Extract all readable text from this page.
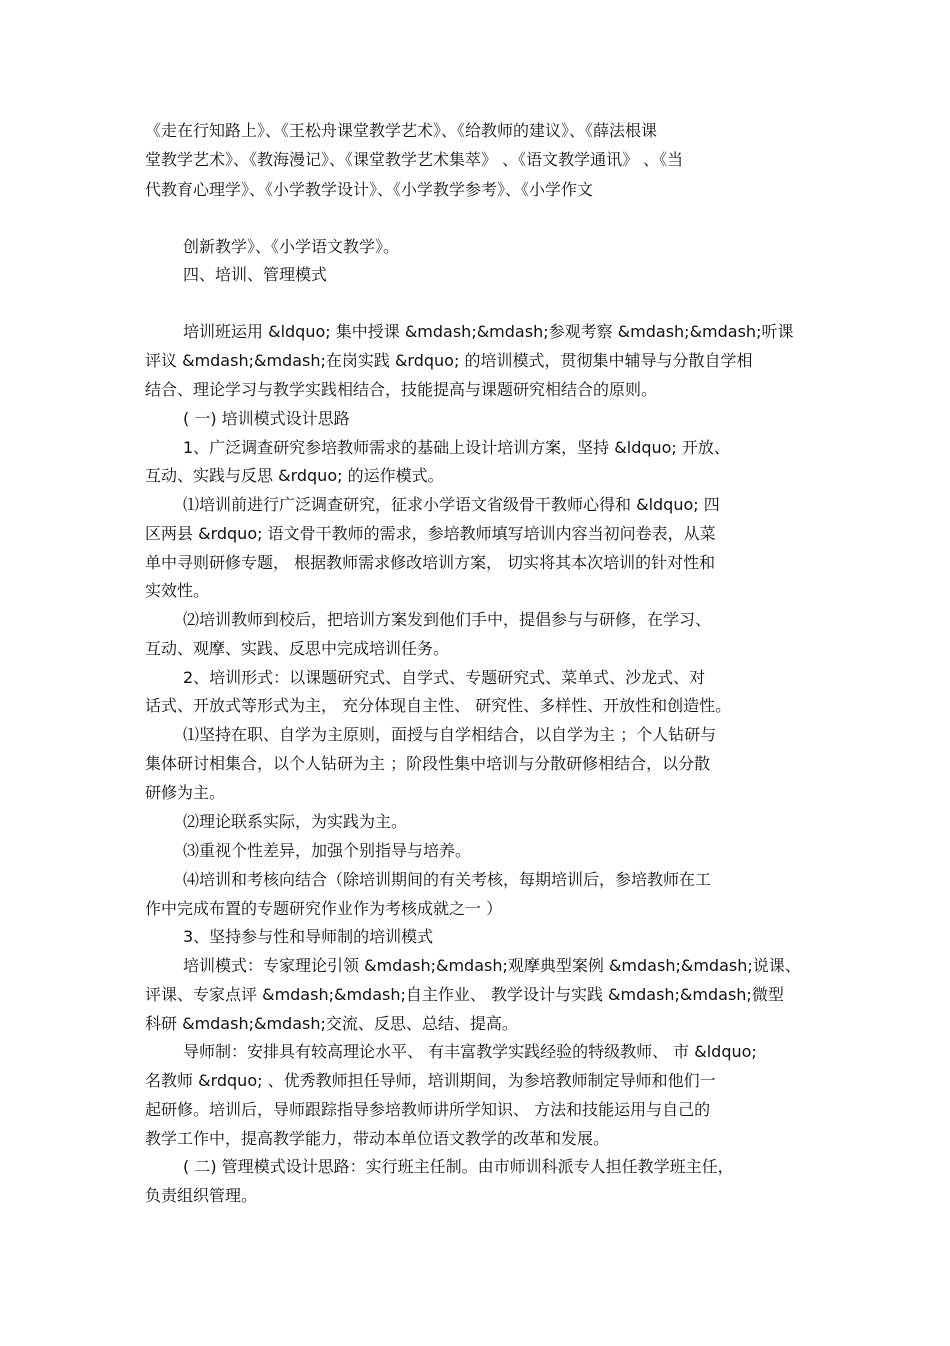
《走在行知路上》、《王松舟课堂教学艺术》、《给教师的建议》、《薛法根课
堂教学艺术》、《教海漫记》、《课堂教学艺术集萃》 、《语文教学通讯》 、《当
代教育心理学》、《小学教学设计》、《小学教学参考》、《小学作文
创新教学》、《小学语文教学》。
四、培训、管理模式
培训班运用 &ldquo; 集中授课 &mdash;&mdash;参观考察 &mdash;&mdash;听课
评议 &mdash;&mdash;在岗实践 &rdquo; 的培训模式，贯彻集中辅导与分散自学相
结合、理论学习与教学实践相结合，技能提高与课题研究相结合的原则。
( 一) 培训模式设计思路
1、广泛调查研究参培教师需求的基础上设计培训方案，坚持 &ldquo; 开放、
互动、实践与反思 &rdquo; 的运作模式。
⑴培训前进行广泛调查研究，征求小学语文省级骨干教师心得和 &ldquo; 四
区两县 &rdquo; 语文骨干教师的需求，参培教师填写培训内容当初问卷表，从菜
单中寻则研修专题， 根据教师需求修改培训方案， 切实将其本次培训的针对性和
实效性。
⑵培训教师到校后，把培训方案发到他们手中，提倡参与与研修，在学习、
互动、观摩、实践、反思中完成培训任务。
2、培训形式：以课题研究式、自学式、专题研究式、菜单式、沙龙式、对
话式、开放式等形式为主， 充分体现自主性、 研究性、多样性、开放性和创造性。
⑴坚持在职、自学为主原则，面授与自学相结合，以自学为主 ；个人钻研与
集体研讨相集合，以个人钻研为主 ；阶段性集中培训与分散研修相结合，以分散
研修为主。
⑵理论联系实际，为实践为主。
⑶重视个性差异，加强个别指导与培养。
⑷培训和考核向结合（除培训期间的有关考核，每期培训后，参培教师在工
作中完成布置的专题研究作业作为考核成就之一 ）
3、坚持参与性和导师制的培训模式
培训模式：专家理论引领 &mdash;&mdash;观摩典型案例 &mdash;&mdash;说课、
评课、专家点评 &mdash;&mdash;自主作业、 教学设计与实践 &mdash;&mdash;微型
科研 &mdash;&mdash;交流、反思、总结、提高。
导师制：安排具有较高理论水平、 有丰富教学实践经验的特级教师、 市 &ldquo;
名教师 &rdquo; 、优秀教师担任导师，培训期间，为参培教师制定导师和他们一
起研修。培训后，导师跟踪指导参培教师讲所学知识、 方法和技能运用与自己的
教学工作中，提高教学能力，带动本单位语文教学的改革和发展。
( 二) 管理模式设计思路：实行班主任制。由市师训科派专人担任教学班主任，
负责组织管理。
